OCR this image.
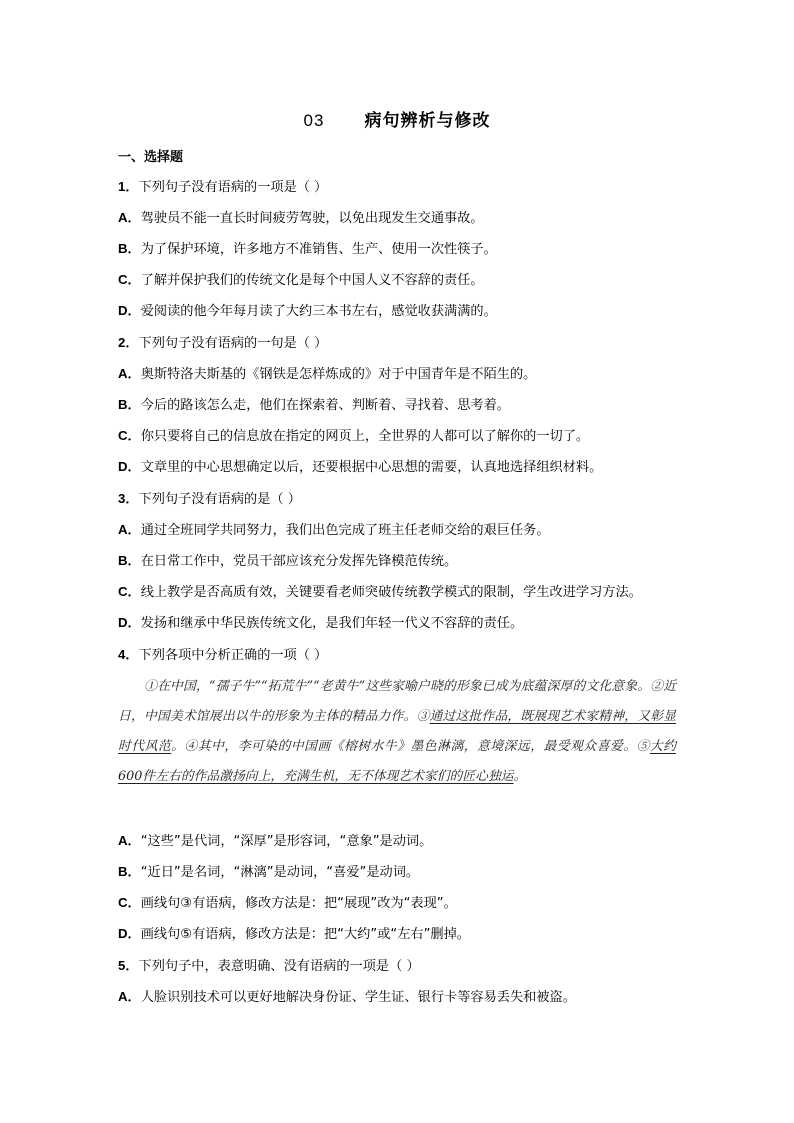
03 病句辨析与修改
一、选择题
1．下列句子没有语病的一项是（ ）
A．驾驶员不能一直长时间疲劳驾驶，以免出现发生交通事故。
B．为了保护环境，许多地方不准销售、生产、使用一次性筷子。
C．了解并保护我们的传统文化是每个中国人义不容辞的责任。
D．爱阅读的他今年每月读了大约三本书左右，感觉收获满满的。
2．下列句子没有语病的一句是（ ）
A．奥斯特洛夫斯基的《钢铁是怎样炼成的》对于中国青年是不陌生的。
B．今后的路该怎么走，他们在探索着、判断着、寻找着、思考着。
C．你只要将自己的信息放在指定的网页上，全世界的人都可以了解你的一切了。
D．文章里的中心思想确定以后，还要根据中心思想的需要，认真地选择组织材料。
3．下列句子没有语病的是（ ）
A．通过全班同学共同努力，我们出色完成了班主任老师交给的艰巨任务。
B．在日常工作中，党员干部应该充分发挥先锋模范传统。
C．线上教学是否高质有效，关键要看老师突破传统教学模式的限制，学生改进学习方法。
D．发扬和继承中华民族传统文化，是我们年轻一代义不容辞的责任。
4．下列各项中分析正确的一项（ ）
①在中国，“孺子牛”“拓荒牛”“老黄牛”这些家喻户晓的形象已成为底蕴深厚的文化意象。②近日，中国美术馆展出以牛的形象为主体的精品力作。③通过这批作品，既展现艺术家精神，又彰显时代风范。④其中，李可染的中国画《榕树水牛》墨色淋漓，意境深远，最受观众喜爱。⑤大约600件左右的作品激扬向上，充满生机，无不体现艺术家们的匠心独运。
A．“这些”是代词，“深厚”是形容词，“意象”是动词。
B．“近日”是名词，“淋漓”是动词，“喜爱”是动词。
C．画线句③有语病，修改方法是：把“展现”改为“表现”。
D．画线句⑤有语病，修改方法是：把“大约”或“左右”删掉。
5．下列句子中，表意明确、没有语病的一项是（ ）
A．人脸识别技术可以更好地解决身份证、学生证、银行卡等容易丢失和被盗。
